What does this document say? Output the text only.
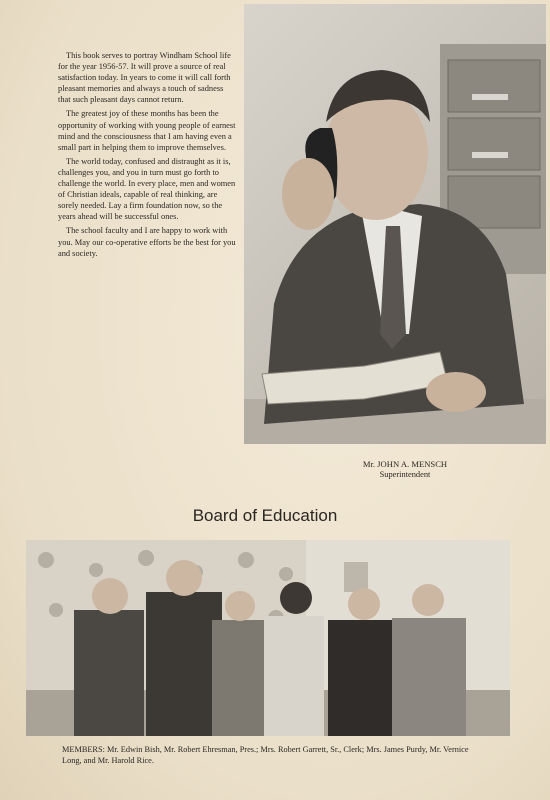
This book serves to portray Windham School life for the year 1956-57. It will prove a source of real satisfaction today. In years to come it will call forth pleasant memories and always a touch of sadness that such pleasant days cannot return.

The greatest joy of these months has been the opportunity of working with young people of earnest mind and the consciousness that I am having even a small part in helping them to improve themselves.

The world today, confused and distraught as it is, challenges you, and you in turn must go forth to challenge the world. In every place, men and women of Christian ideals, capable of real thinking, are sorely needed. Lay a firm foundation now, so the years ahead will be successful ones.

The school faculty and I are happy to work with you. May our co-operative efforts be the best for you and society.

Mr. JOHN A. MENSCH
Superintendent
Board of Education
MEMBERS: Mr. Edwin Bish, Mr. Robert Ehresman, Pres.; Mrs. Robert Garrett, Sr., Clerk; Mrs. James Purdy, Mr. Vernice Long, and Mr. Harold Rice.
